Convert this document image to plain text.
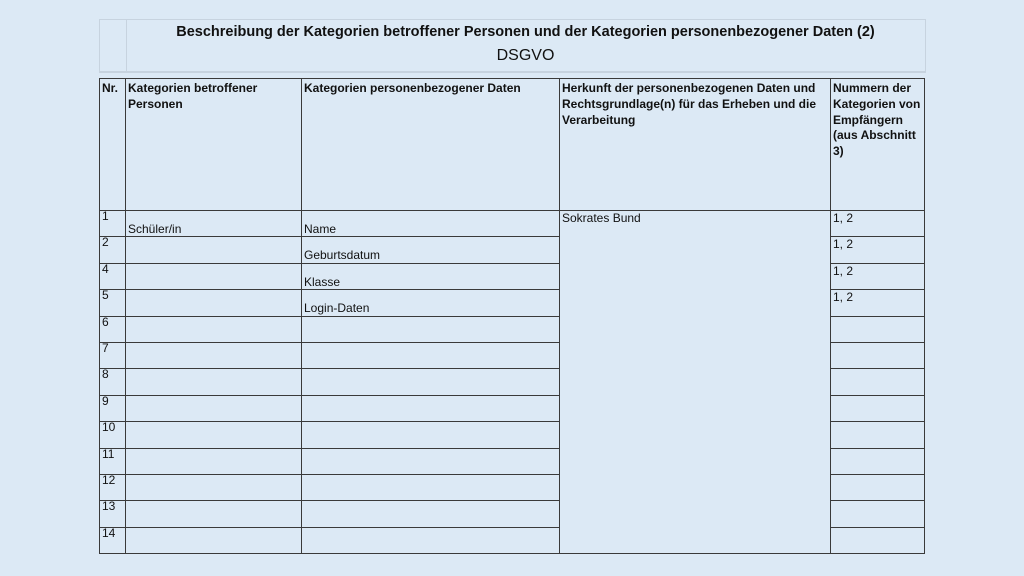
Beschreibung der Kategorien betroffener Personen und der Kategorien personenbezogener Daten (2)
DSGVO
Nr.	Kategorien betroffener Personen	Kategorien personenbezogener Daten	Herkunft der personenbezogenen Daten und Rechtsgrundlage(n) für das Erheben und die Verarbeitung	Nummern der Kategorien von Empfängern (aus Abschnitt 3)
1	Schüler/in	Name	Sokrates Bund	1, 2

2		Geburtsdatum		1, 2

4		Klasse		1, 2

5		Login-Daten		1, 2

6		

7		

8		

9		

10		

11		

12		

13		

14		
